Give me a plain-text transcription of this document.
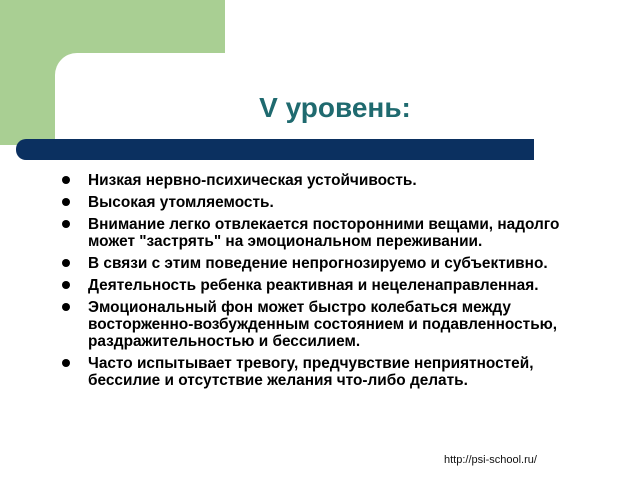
V уровень:
Низкая нервно-психическая устойчивость.
Высокая утомляемость.
Внимание легко отвлекается посторонними вещами, надолго может "застрять" на эмоциональном переживании.
В связи с этим поведение непрогнозируемо и субъективно.
Деятельность ребенка реактивная и нецеленаправленная.
Эмоциональный фон может быстро колебаться между восторженно-возбужденным состоянием и подавленностью, раздражительностью и бессилием.
Часто испытывает тревогу, предчувствие неприятностей, бессилие и отсутствие желания что-либо делать.
http://psi-school.ru/
